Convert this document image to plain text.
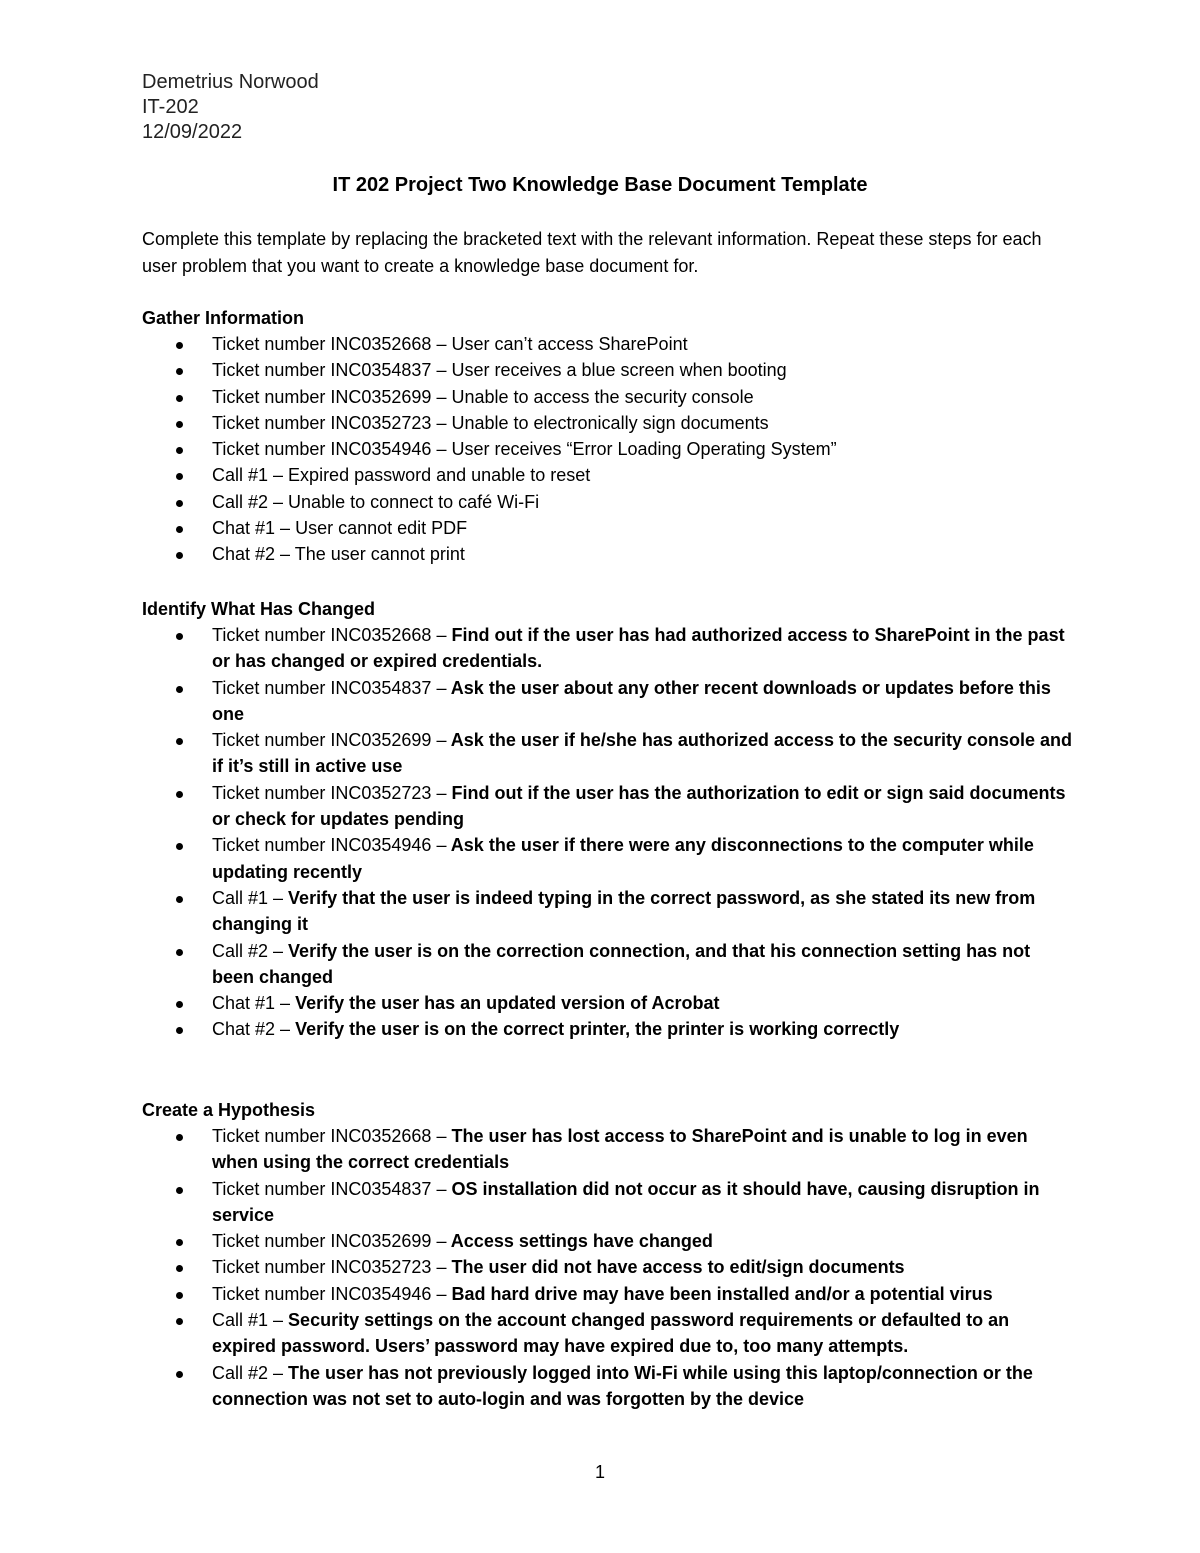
Demetrius Norwood
IT-202
12/09/2022
IT 202 Project Two Knowledge Base Document Template
Complete this template by replacing the bracketed text with the relevant information. Repeat these steps for each user problem that you want to create a knowledge base document for.
Gather Information
Ticket number INC0352668 – User can’t access SharePoint
Ticket number INC0354837 – User receives a blue screen when booting
Ticket number INC0352699 – Unable to access the security console
Ticket number INC0352723 – Unable to electronically sign documents
Ticket number INC0354946 – User receives “Error Loading Operating System”
Call #1 – Expired password and unable to reset
Call #2 – Unable to connect to café Wi-Fi
Chat #1 – User cannot edit PDF
Chat #2 – The user cannot print
Identify What Has Changed
Ticket number INC0352668 – Find out if the user has had authorized access to SharePoint in the past or has changed or expired credentials.
Ticket number INC0354837 – Ask the user about any other recent downloads or updates before this one
Ticket number INC0352699 – Ask the user if he/she has authorized access to the security console and if it’s still in active use
Ticket number INC0352723 – Find out if the user has the authorization to edit or sign said documents or check for updates pending
Ticket number INC0354946 – Ask the user if there were any disconnections to the computer while updating recently
Call #1 – Verify that the user is indeed typing in the correct password, as she stated its new from changing it
Call #2 – Verify the user is on the correction connection, and that his connection setting has not been changed
Chat #1 – Verify the user has an updated version of Acrobat
Chat #2 – Verify the user is on the correct printer, the printer is working correctly
Create a Hypothesis
Ticket number INC0352668 – The user has lost access to SharePoint and is unable to log in even when using the correct credentials
Ticket number INC0354837 – OS installation did not occur as it should have, causing disruption in service
Ticket number INC0352699 – Access settings have changed
Ticket number INC0352723 – The user did not have access to edit/sign documents
Ticket number INC0354946 – Bad hard drive may have been installed and/or a potential virus
Call #1 – Security settings on the account changed password requirements or defaulted to an expired password. Users’ password may have expired due to, too many attempts.
Call #2 – The user has not previously logged into Wi-Fi while using this laptop/connection or the connection was not set to auto-login and was forgotten by the device
1
